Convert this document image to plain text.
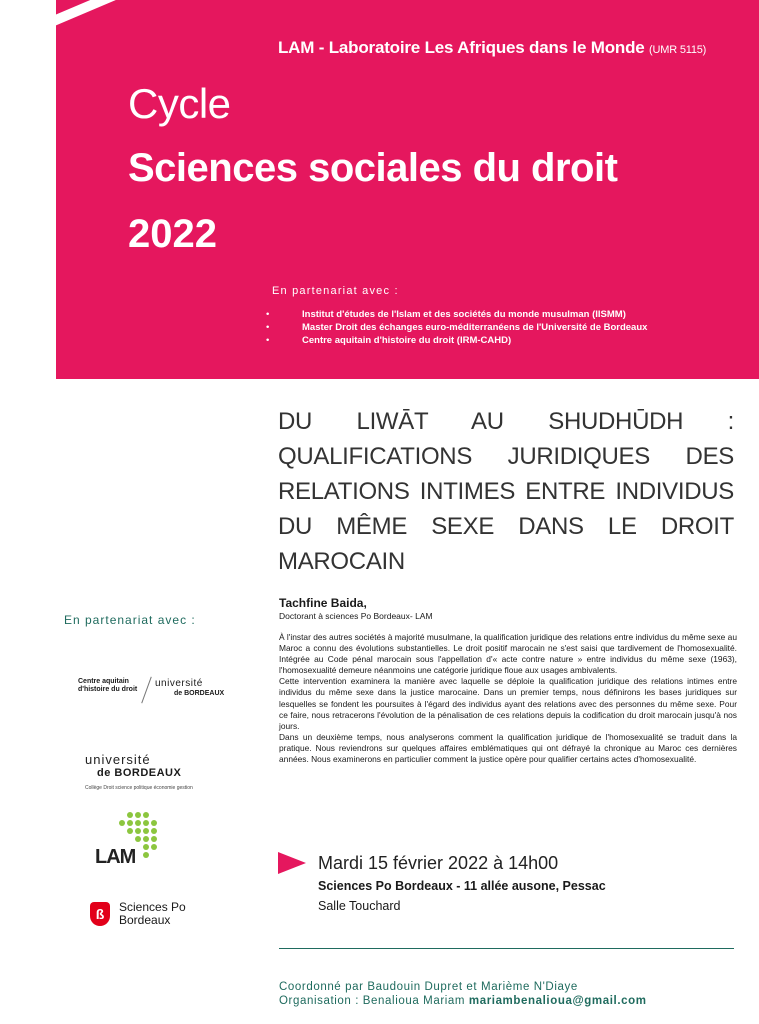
LAM - Laboratoire Les Afriques dans le Monde (UMR 5115)
Cycle
Sciences sociales du droit
2022
En partenariat avec :
• Institut d'études de l'Islam et des sociétés du monde musulman (IISMM)
• Master Droit des échanges euro-méditerranéens de l'Université de Bordeaux
• Centre aquitain d'histoire du droit (IRM-CAHD)
DU LIWĀT AU SHUDHŪDH : QUALIFICATIONS JURIDIQUES DES RELATIONS INTIMES ENTRE INDIVIDUS DU MÊME SEXE DANS LE DROIT MAROCAIN
Tachfine Baida,
Doctorant à sciences Po Bordeaux- LAM

À l'instar des autres sociétés à majorité musulmane, la qualification juridique des relations entre individus du même sexe au Maroc a connu des évolutions substantielles. Le droit positif marocain ne s'est saisi que tardivement de l'homosexualité. Intégrée au Code pénal marocain sous l'appellation d'« acte contre nature » entre individus du même sexe (1963), l'homosexualité demeure néanmoins une catégorie juridique floue aux usages ambivalents.

Cette intervention examinera la manière avec laquelle se déploie la qualification juridique des relations intimes entre individus du même sexe dans la justice marocaine. Dans un premier temps, nous définirons les bases juridiques sur lesquelles se fondent les poursuites à l'égard des individus ayant des relations avec des personnes du même sexe. Pour ce faire, nous retracerons l'évolution de la pénalisation de ces relations depuis la codification du droit marocain jusqu'à nos jours.

Dans un deuxième temps, nous analyserons comment la qualification juridique de l'homosexualité se traduit dans la pratique. Nous reviendrons sur quelques affaires emblématiques qui ont défrayé la chronique au Maroc ces dernières années. Nous examinerons en particulier comment la justice opère pour qualifier certains actes d'homosexualité.

En partenariat avec :
Centre aquitain d'histoire du droit
université
de BORDEAUX
université
de BORDEAUX
Collège Droit science politique économie gestion
LAM
ß	Sciences Po
Bordeaux
Mardi 15 février 2022 à 14h00
Sciences Po Bordeaux - 11 allée ausone, Pessac
Salle Touchard
Coordonné par Baudouin Dupret et Marième N'Diaye
Organisation : Benalioua Mariam mariambenalioua@gmail.com
